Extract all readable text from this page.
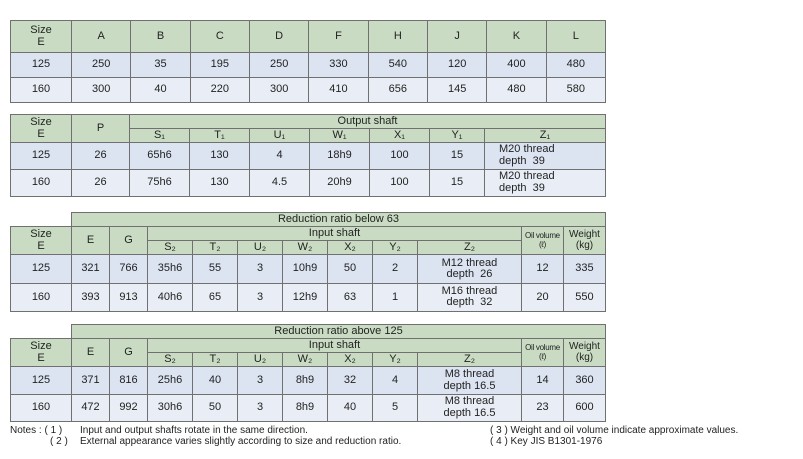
Size
E	A	B	C	D	F	H	J	K	L
125	250	35	195	250	330	540	120	400	480
160	300	40	220	300	410	656	145	480	580
Size
E	P	Output shaft						
		S₁	T₁	U₁	W₁	X₁	Y₁	Z₁
125	26	65h6	130	4	18h9	100	15	M20 thread
depth  39

160	26	75h6	130	4.5	20h9	100	15	M20 thread
depth  39
	Reduction ratio below 63										

Size
E	E	G	Input shaft							Oil volume
(ℓ)	Weight
(kg)

			S₂	T₂	U₂	W₂	X₂	Y₂	Z₂		
125	321	766	35h6	55	3	10h9	50	2	M12 thread
depth  26	12	335
160	393	913	40h6	65	3	12h9	63	1	M16 thread
depth  32	20	550
	Reduction ratio above 125										

Size
E	E	G	Input shaft							Oil volume
(ℓ)	Weight
(kg)

			S₂	T₂	U₂	W₂	X₂	Y₂	Z₂		
125	371	816	25h6	40	3	8h9	32	4	M8 thread
depth 16.5	14	360
160	472	992	30h6	50	3	8h9	40	5	M8 thread
depth 16.5	23	600
Notes : ( 1 ) Input and output shafts rotate in the same direction.	( 3 ) Weight and oil volume indicate approximate values.
( 2 ) External appearance varies slightly according to size and reduction ratio.	( 4 ) Key JIS B1301-1976
